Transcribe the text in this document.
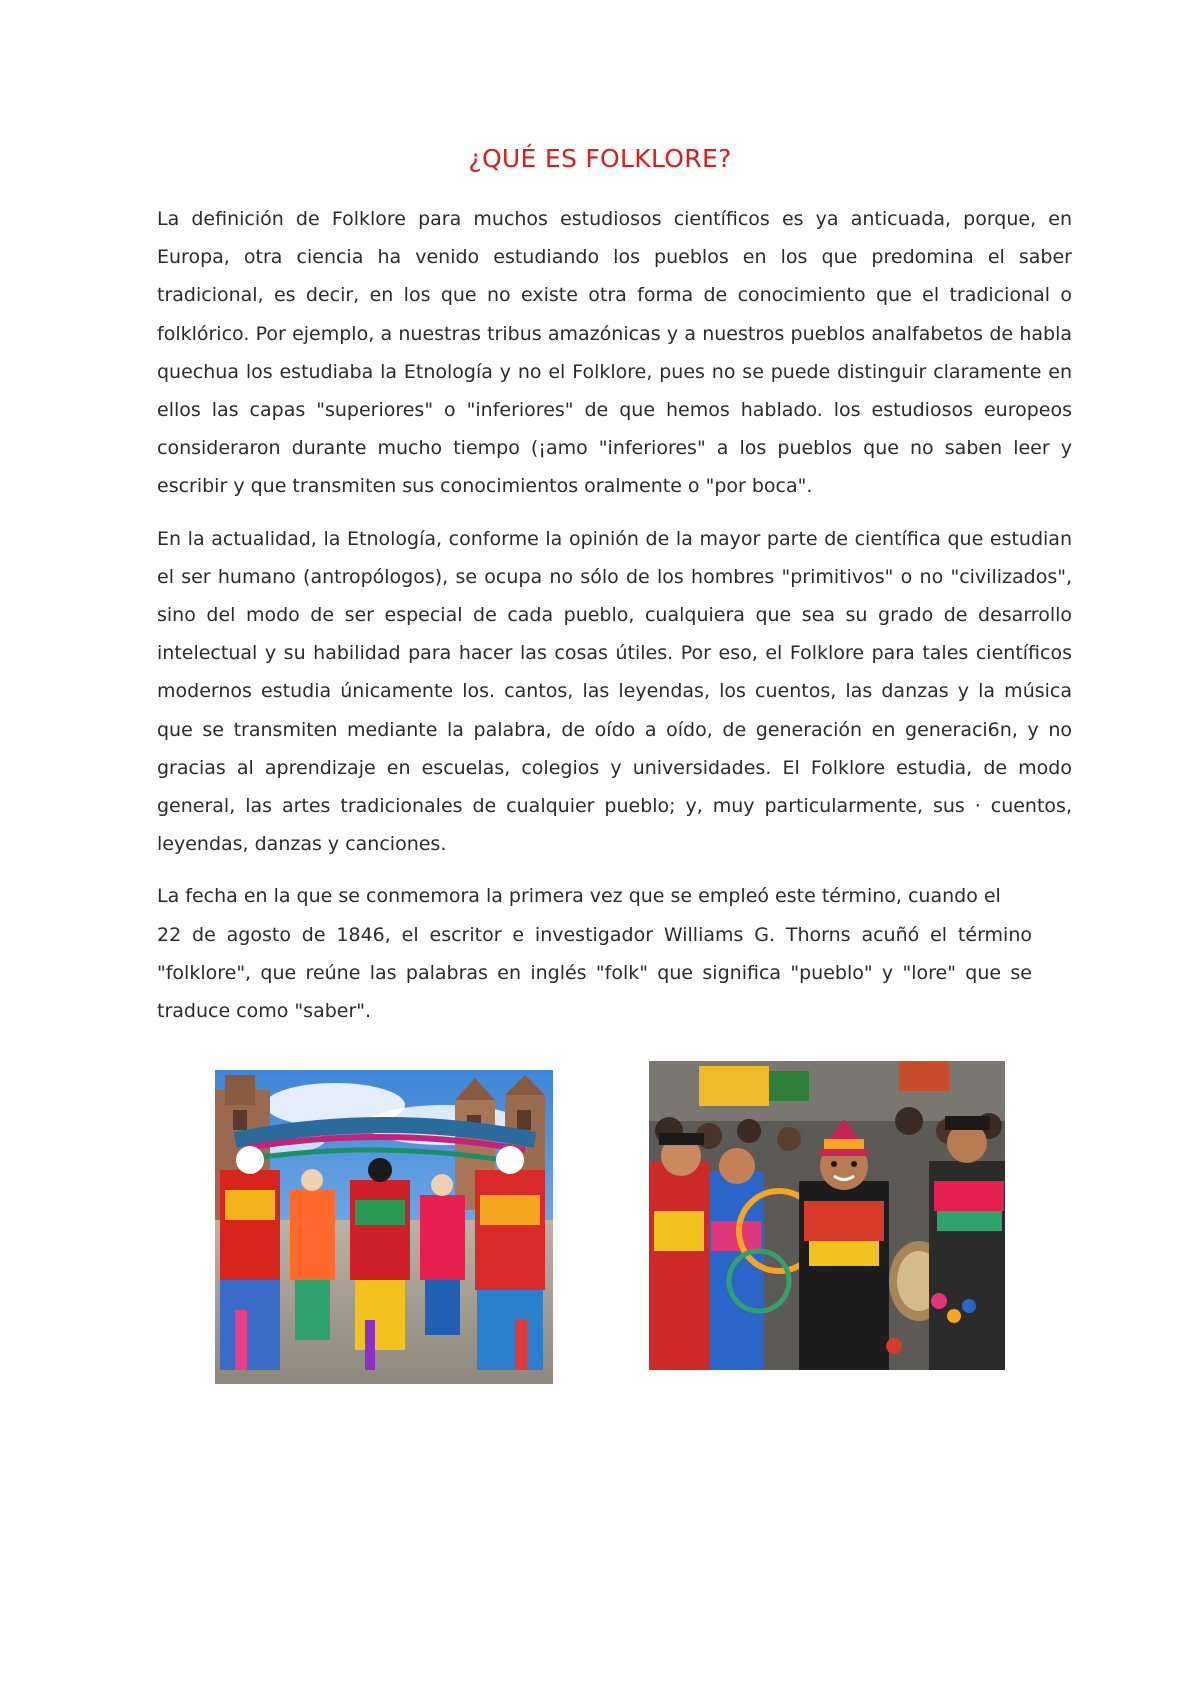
¿QUÉ ES FOLKLORE?

La definición de Folklore para muchos estudiosos científicos es ya anticuada, porque, en Europa, otra ciencia ha venido estudiando los pueblos en los que predomina el saber tradicional, es decir, en los que no existe otra forma de conocimiento que el tradicional o folklórico. Por ejemplo, a nuestras tribus amazónicas y a nuestros pueblos analfabetos de habla quechua los estudiaba la Etnología y no el Folklore, pues no se puede distinguir claramente en ellos las capas "superiores" o "inferiores" de que hemos hablado. los estudiosos europeos consideraron durante mucho tiempo (¡amo "inferiores" a los pueblos que no saben leer y escribir y que transmiten sus conocimientos oralmente o "por boca".

En la actualidad, la Etnología, conforme la opinión de la mayor parte de científica que estudian el ser humano (antropólogos), se ocupa no sólo de los hombres "primitivos" o no "civilizados", sino del modo de ser especial de cada pueblo, cualquiera que sea su grado de desarrollo intelectual y su habilidad para hacer las cosas útiles. Por eso, el Folklore para tales científicos modernos estudia únicamente los. cantos, las leyendas, los cuentos, las danzas y la música que se transmiten mediante la palabra, de oído a oído, de generación en generaci6n, y no gracias al aprendizaje en escuelas, colegios y universidades. El Folklore estudia, de modo general, las artes tradicionales de cualquier pueblo; y, muy particularmente, sus · cuentos, leyendas, danzas y canciones.

La fecha en la que se conmemora la primera vez que se empleó este término, cuando el
22 de agosto de 1846, el escritor e investigador Williams G. Thorns acuñó el término
"folklore", que reúne las palabras en inglés "folk" que significa "pueblo" y "lore" que se
traduce como "saber".
